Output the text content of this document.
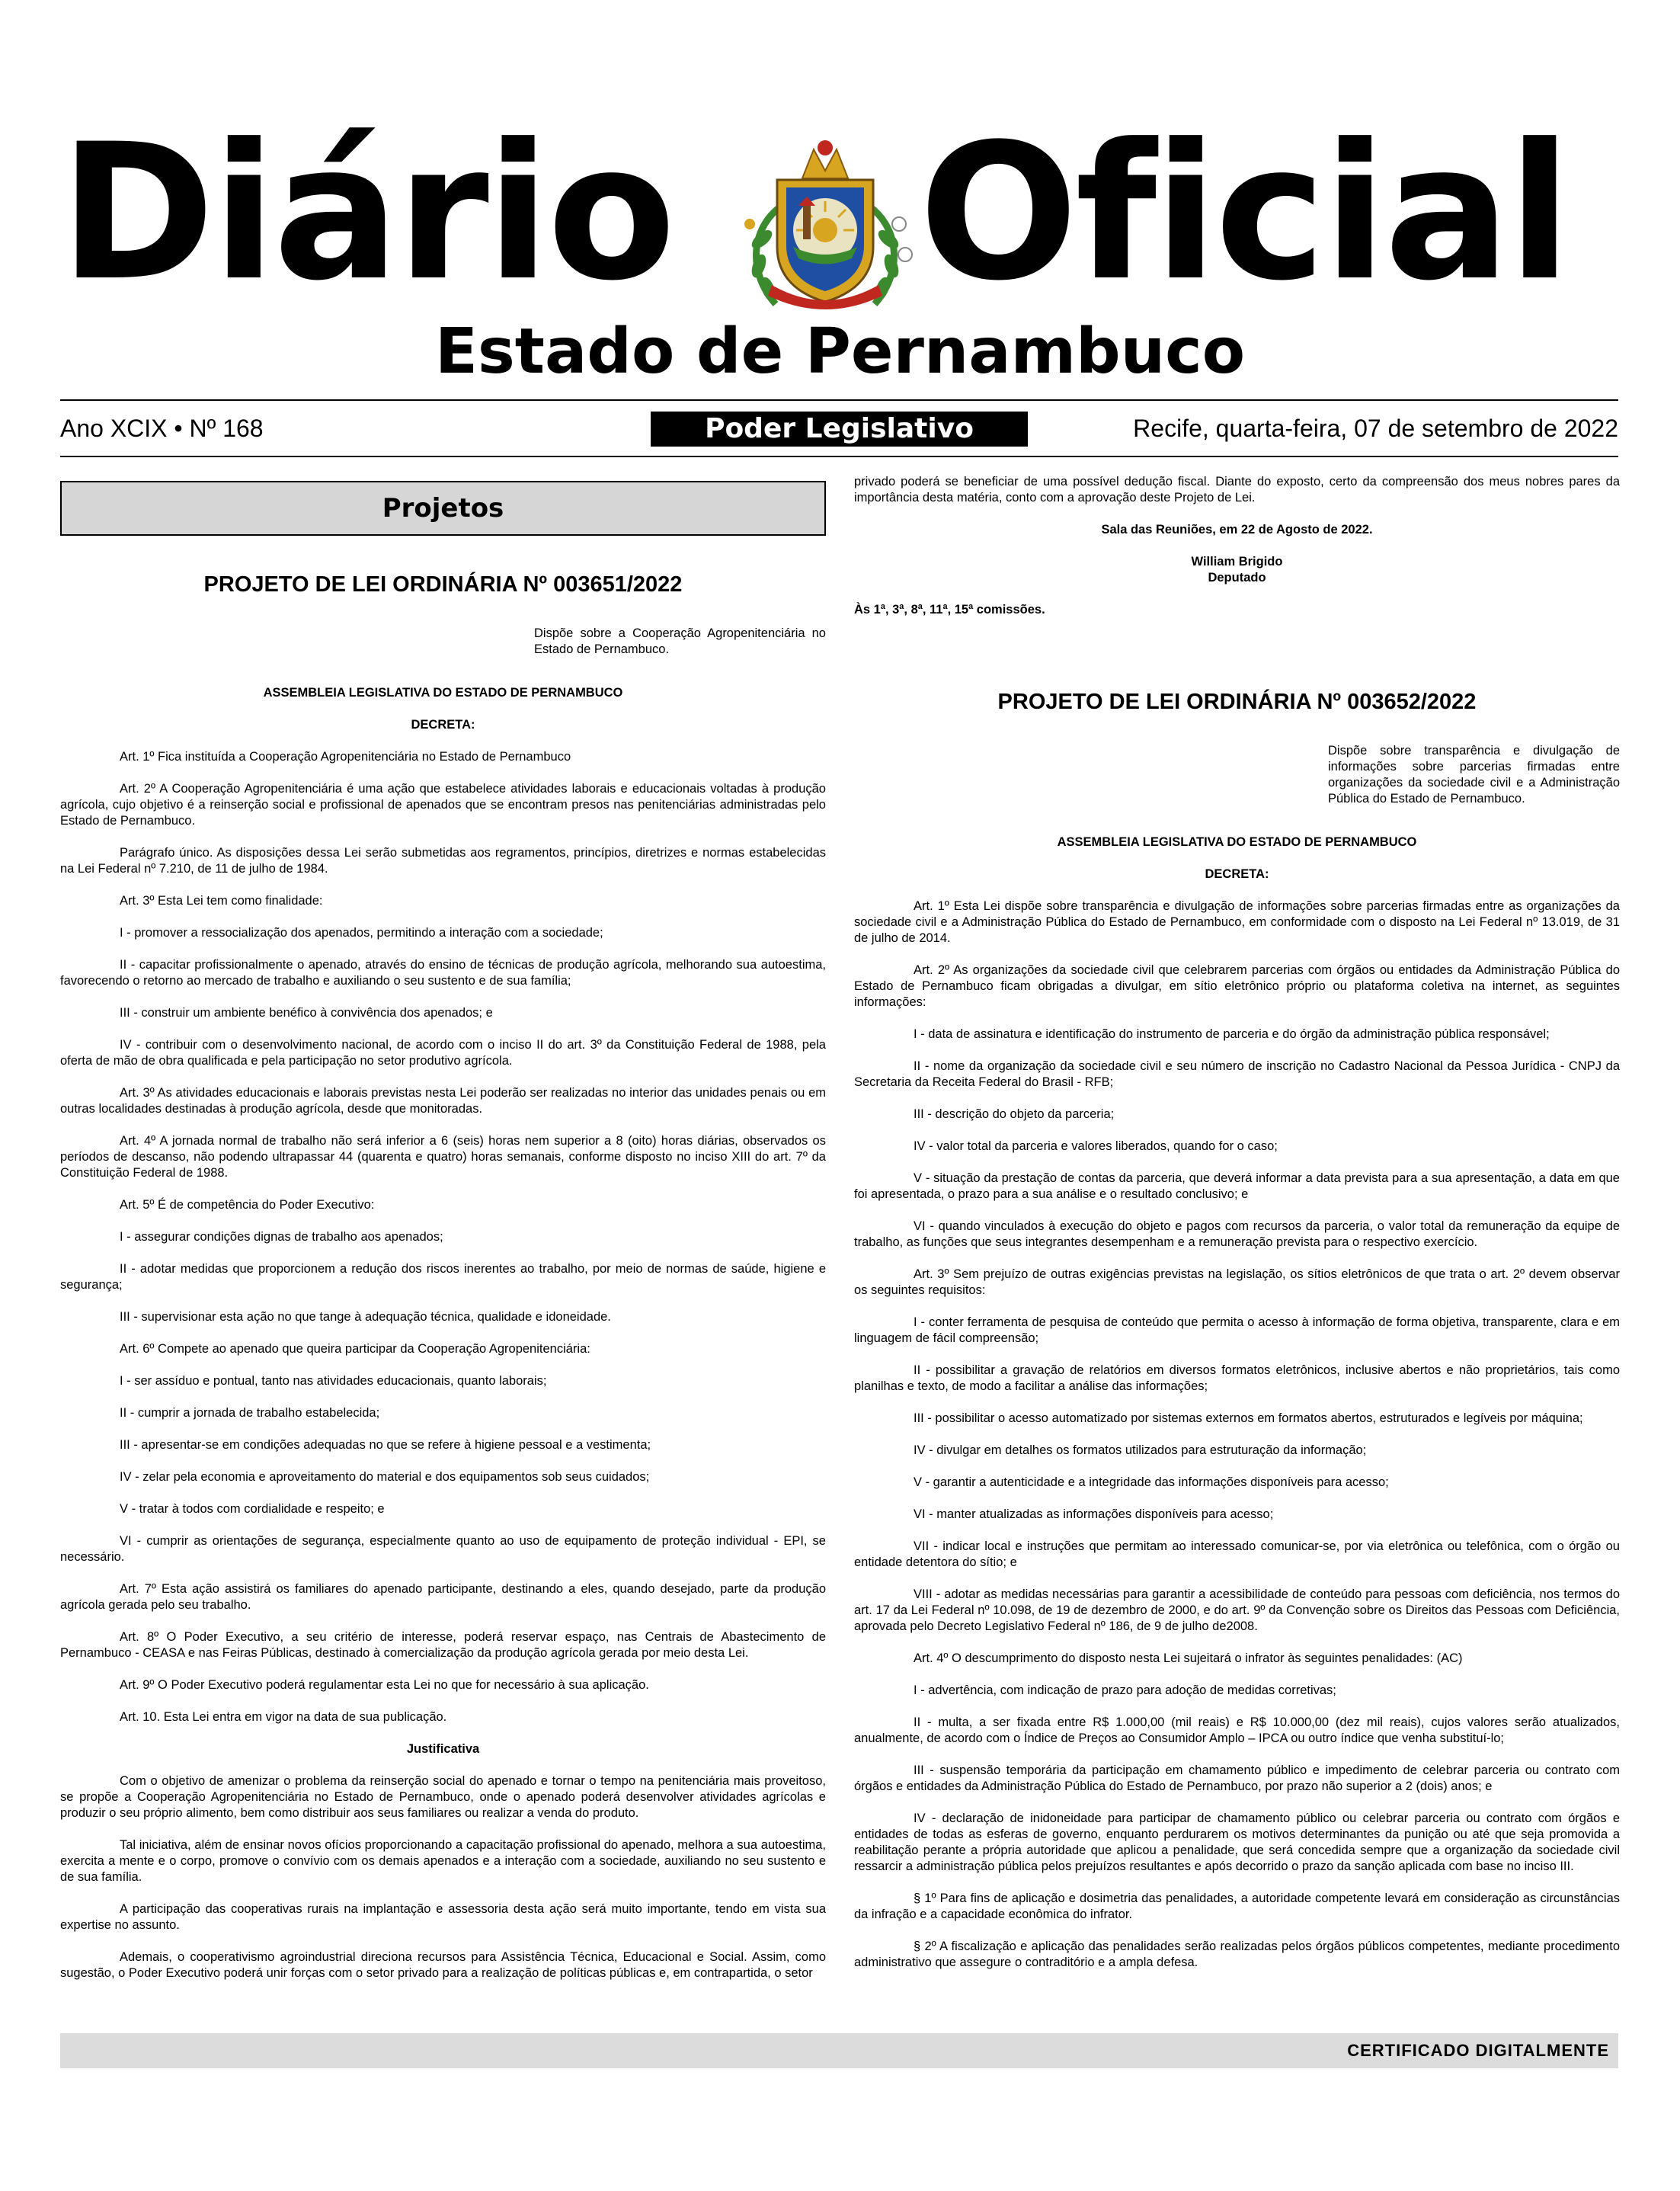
Diário Oficial
Estado de Pernambuco
Ano XCIX • Nº 168	Poder Legislativo	Recife, quarta-feira, 07 de setembro de 2022
Projetos
PROJETO DE LEI ORDINÁRIA Nº 003651/2022
Dispõe sobre a Cooperação Agropenitenciária no Estado de Pernambuco.
ASSEMBLEIA LEGISLATIVA DO ESTADO DE PERNAMBUCO
DECRETA:

Art. 1º Fica instituída a Cooperação Agropenitenciária no Estado de Pernambuco

Art. 2º A Cooperação Agropenitenciária é uma ação que estabelece atividades laborais e educacionais voltadas à produção agrícola, cujo objetivo é a reinserção social e profissional de apenados que se encontram presos nas penitenciárias administradas pelo Estado de Pernambuco.

Parágrafo único. As disposições dessa Lei serão submetidas aos regramentos, princípios, diretrizes e normas estabelecidas na Lei Federal nº 7.210, de 11 de julho de 1984.

Art. 3º Esta Lei tem como finalidade:

I - promover a ressocialização dos apenados, permitindo a interação com a sociedade;

II - capacitar profissionalmente o apenado, através do ensino de técnicas de produção agrícola, melhorando sua autoestima, favorecendo o retorno ao mercado de trabalho e auxiliando o seu sustento e de sua família;

III - construir um ambiente benéfico à convivência dos apenados; e

IV - contribuir com o desenvolvimento nacional, de acordo com o inciso II do art. 3º da Constituição Federal de 1988, pela oferta de mão de obra qualificada e pela participação no setor produtivo agrícola.

Art. 3º As atividades educacionais e laborais previstas nesta Lei poderão ser realizadas no interior das unidades penais ou em outras localidades destinadas à produção agrícola, desde que monitoradas.

Art. 4º A jornada normal de trabalho não será inferior a 6 (seis) horas nem superior a 8 (oito) horas diárias, observados os períodos de descanso, não podendo ultrapassar 44 (quarenta e quatro) horas semanais, conforme disposto no inciso XIII do art. 7º da Constituição Federal de 1988.

Art. 5º É de competência do Poder Executivo:

I - assegurar condições dignas de trabalho aos apenados;

II - adotar medidas que proporcionem a redução dos riscos inerentes ao trabalho, por meio de normas de saúde, higiene e segurança;

III - supervisionar esta ação no que tange à adequação técnica, qualidade e idoneidade.

Art. 6º Compete ao apenado que queira participar da Cooperação Agropenitenciária:

I - ser assíduo e pontual, tanto nas atividades educacionais, quanto laborais;

II - cumprir a jornada de trabalho estabelecida;

III - apresentar-se em condições adequadas no que se refere à higiene pessoal e a vestimenta;

IV - zelar pela economia e aproveitamento do material e dos equipamentos sob seus cuidados;

V - tratar à todos com cordialidade e respeito; e

VI - cumprir as orientações de segurança, especialmente quanto ao uso de equipamento de proteção individual - EPI, se necessário.

Art. 7º Esta ação assistirá os familiares do apenado participante, destinando a eles, quando desejado, parte da produção agrícola gerada pelo seu trabalho.

Art. 8º O Poder Executivo, a seu critério de interesse, poderá reservar espaço, nas Centrais de Abastecimento de Pernambuco - CEASA e nas Feiras Públicas, destinado à comercialização da produção agrícola gerada por meio desta Lei.

Art. 9º O Poder Executivo poderá regulamentar esta Lei no que for necessário à sua aplicação.

Art. 10. Esta Lei entra em vigor na data de sua publicação.

Justificativa

Com o objetivo de amenizar o problema da reinserção social do apenado e tornar o tempo na penitenciária mais proveitoso, se propõe a Cooperação Agropenitenciária no Estado de Pernambuco, onde o apenado poderá desenvolver atividades agrícolas e produzir o seu próprio alimento, bem como distribuir aos seus familiares ou realizar a venda do produto.

Tal iniciativa, além de ensinar novos ofícios proporcionando a capacitação profissional do apenado, melhora a sua autoestima, exercita a mente e o corpo, promove o convívio com os demais apenados e a interação com a sociedade, auxiliando no seu sustento e de sua família.

A participação das cooperativas rurais na implantação e assessoria desta ação será muito importante, tendo em vista sua expertise no assunto.

Ademais, o cooperativismo agroindustrial direciona recursos para Assistência Técnica, Educacional e Social. Assim, como sugestão, o Poder Executivo poderá unir forças com o setor privado para a realização de políticas públicas e, em contrapartida, o setor

privado poderá se beneficiar de uma possível dedução fiscal. Diante do exposto, certo da compreensão dos meus nobres pares da importância desta matéria, conto com a aprovação deste Projeto de Lei.

Sala das Reuniões, em 22 de Agosto de 2022.
William Brigido
Deputado
Às 1ª, 3ª, 8ª, 11ª, 15ª comissões.
PROJETO DE LEI ORDINÁRIA Nº 003652/2022
Dispõe sobre transparência e divulgação de informações sobre parcerias firmadas entre organizações da sociedade civil e a Administração Pública do Estado de Pernambuco.
ASSEMBLEIA LEGISLATIVA DO ESTADO DE PERNAMBUCO
DECRETA:

Art. 1º Esta Lei dispõe sobre transparência e divulgação de informações sobre parcerias firmadas entre as organizações da sociedade civil e a Administração Pública do Estado de Pernambuco, em conformidade com o disposto na Lei Federal nº 13.019, de 31 de julho de 2014.

Art. 2º As organizações da sociedade civil que celebrarem parcerias com órgãos ou entidades da Administração Pública do Estado de Pernambuco ficam obrigadas a divulgar, em sítio eletrônico próprio ou plataforma coletiva na internet, as seguintes informações:

I - data de assinatura e identificação do instrumento de parceria e do órgão da administração pública responsável;

II - nome da organização da sociedade civil e seu número de inscrição no Cadastro Nacional da Pessoa Jurídica - CNPJ da Secretaria da Receita Federal do Brasil - RFB;

III - descrição do objeto da parceria;

IV - valor total da parceria e valores liberados, quando for o caso;

V - situação da prestação de contas da parceria, que deverá informar a data prevista para a sua apresentação, a data em que foi apresentada, o prazo para a sua análise e o resultado conclusivo; e

VI - quando vinculados à execução do objeto e pagos com recursos da parceria, o valor total da remuneração da equipe de trabalho, as funções que seus integrantes desempenham e a remuneração prevista para o respectivo exercício.

Art. 3º Sem prejuízo de outras exigências previstas na legislação, os sítios eletrônicos de que trata o art. 2º devem observar os seguintes requisitos:

I - conter ferramenta de pesquisa de conteúdo que permita o acesso à informação de forma objetiva, transparente, clara e em linguagem de fácil compreensão;

II - possibilitar a gravação de relatórios em diversos formatos eletrônicos, inclusive abertos e não proprietários, tais como planilhas e texto, de modo a facilitar a análise das informações;

III - possibilitar o acesso automatizado por sistemas externos em formatos abertos, estruturados e legíveis por máquina;

IV - divulgar em detalhes os formatos utilizados para estruturação da informação;

V - garantir a autenticidade e a integridade das informações disponíveis para acesso;

VI - manter atualizadas as informações disponíveis para acesso;

VII - indicar local e instruções que permitam ao interessado comunicar-se, por via eletrônica ou telefônica, com o órgão ou entidade detentora do sítio; e

VIII - adotar as medidas necessárias para garantir a acessibilidade de conteúdo para pessoas com deficiência, nos termos do art. 17 da Lei Federal nº 10.098, de 19 de dezembro de 2000, e do art. 9º da Convenção sobre os Direitos das Pessoas com Deficiência, aprovada pelo Decreto Legislativo Federal nº 186, de 9 de julho de2008.

Art. 4º O descumprimento do disposto nesta Lei sujeitará o infrator às seguintes penalidades: (AC)

I - advertência, com indicação de prazo para adoção de medidas corretivas;

II - multa, a ser fixada entre R$ 1.000,00 (mil reais) e R$ 10.000,00 (dez mil reais), cujos valores serão atualizados, anualmente, de acordo com o Índice de Preços ao Consumidor Amplo – IPCA ou outro índice que venha substituí-lo;

III - suspensão temporária da participação em chamamento público e impedimento de celebrar parceria ou contrato com órgãos e entidades da Administração Pública do Estado de Pernambuco, por prazo não superior a 2 (dois) anos; e

IV - declaração de inidoneidade para participar de chamamento público ou celebrar parceria ou contrato com órgãos e entidades de todas as esferas de governo, enquanto perdurarem os motivos determinantes da punição ou até que seja promovida a reabilitação perante a própria autoridade que aplicou a penalidade, que será concedida sempre que a organização da sociedade civil ressarcir a administração pública pelos prejuízos resultantes e após decorrido o prazo da sanção aplicada com base no inciso III.

§ 1º Para fins de aplicação e dosimetria das penalidades, a autoridade competente levará em consideração as circunstâncias da infração e a capacidade econômica do infrator.

§ 2º A fiscalização e aplicação das penalidades serão realizadas pelos órgãos públicos competentes, mediante procedimento administrativo que assegure o contraditório e a ampla defesa.

CERTIFICADO DIGITALMENTE
